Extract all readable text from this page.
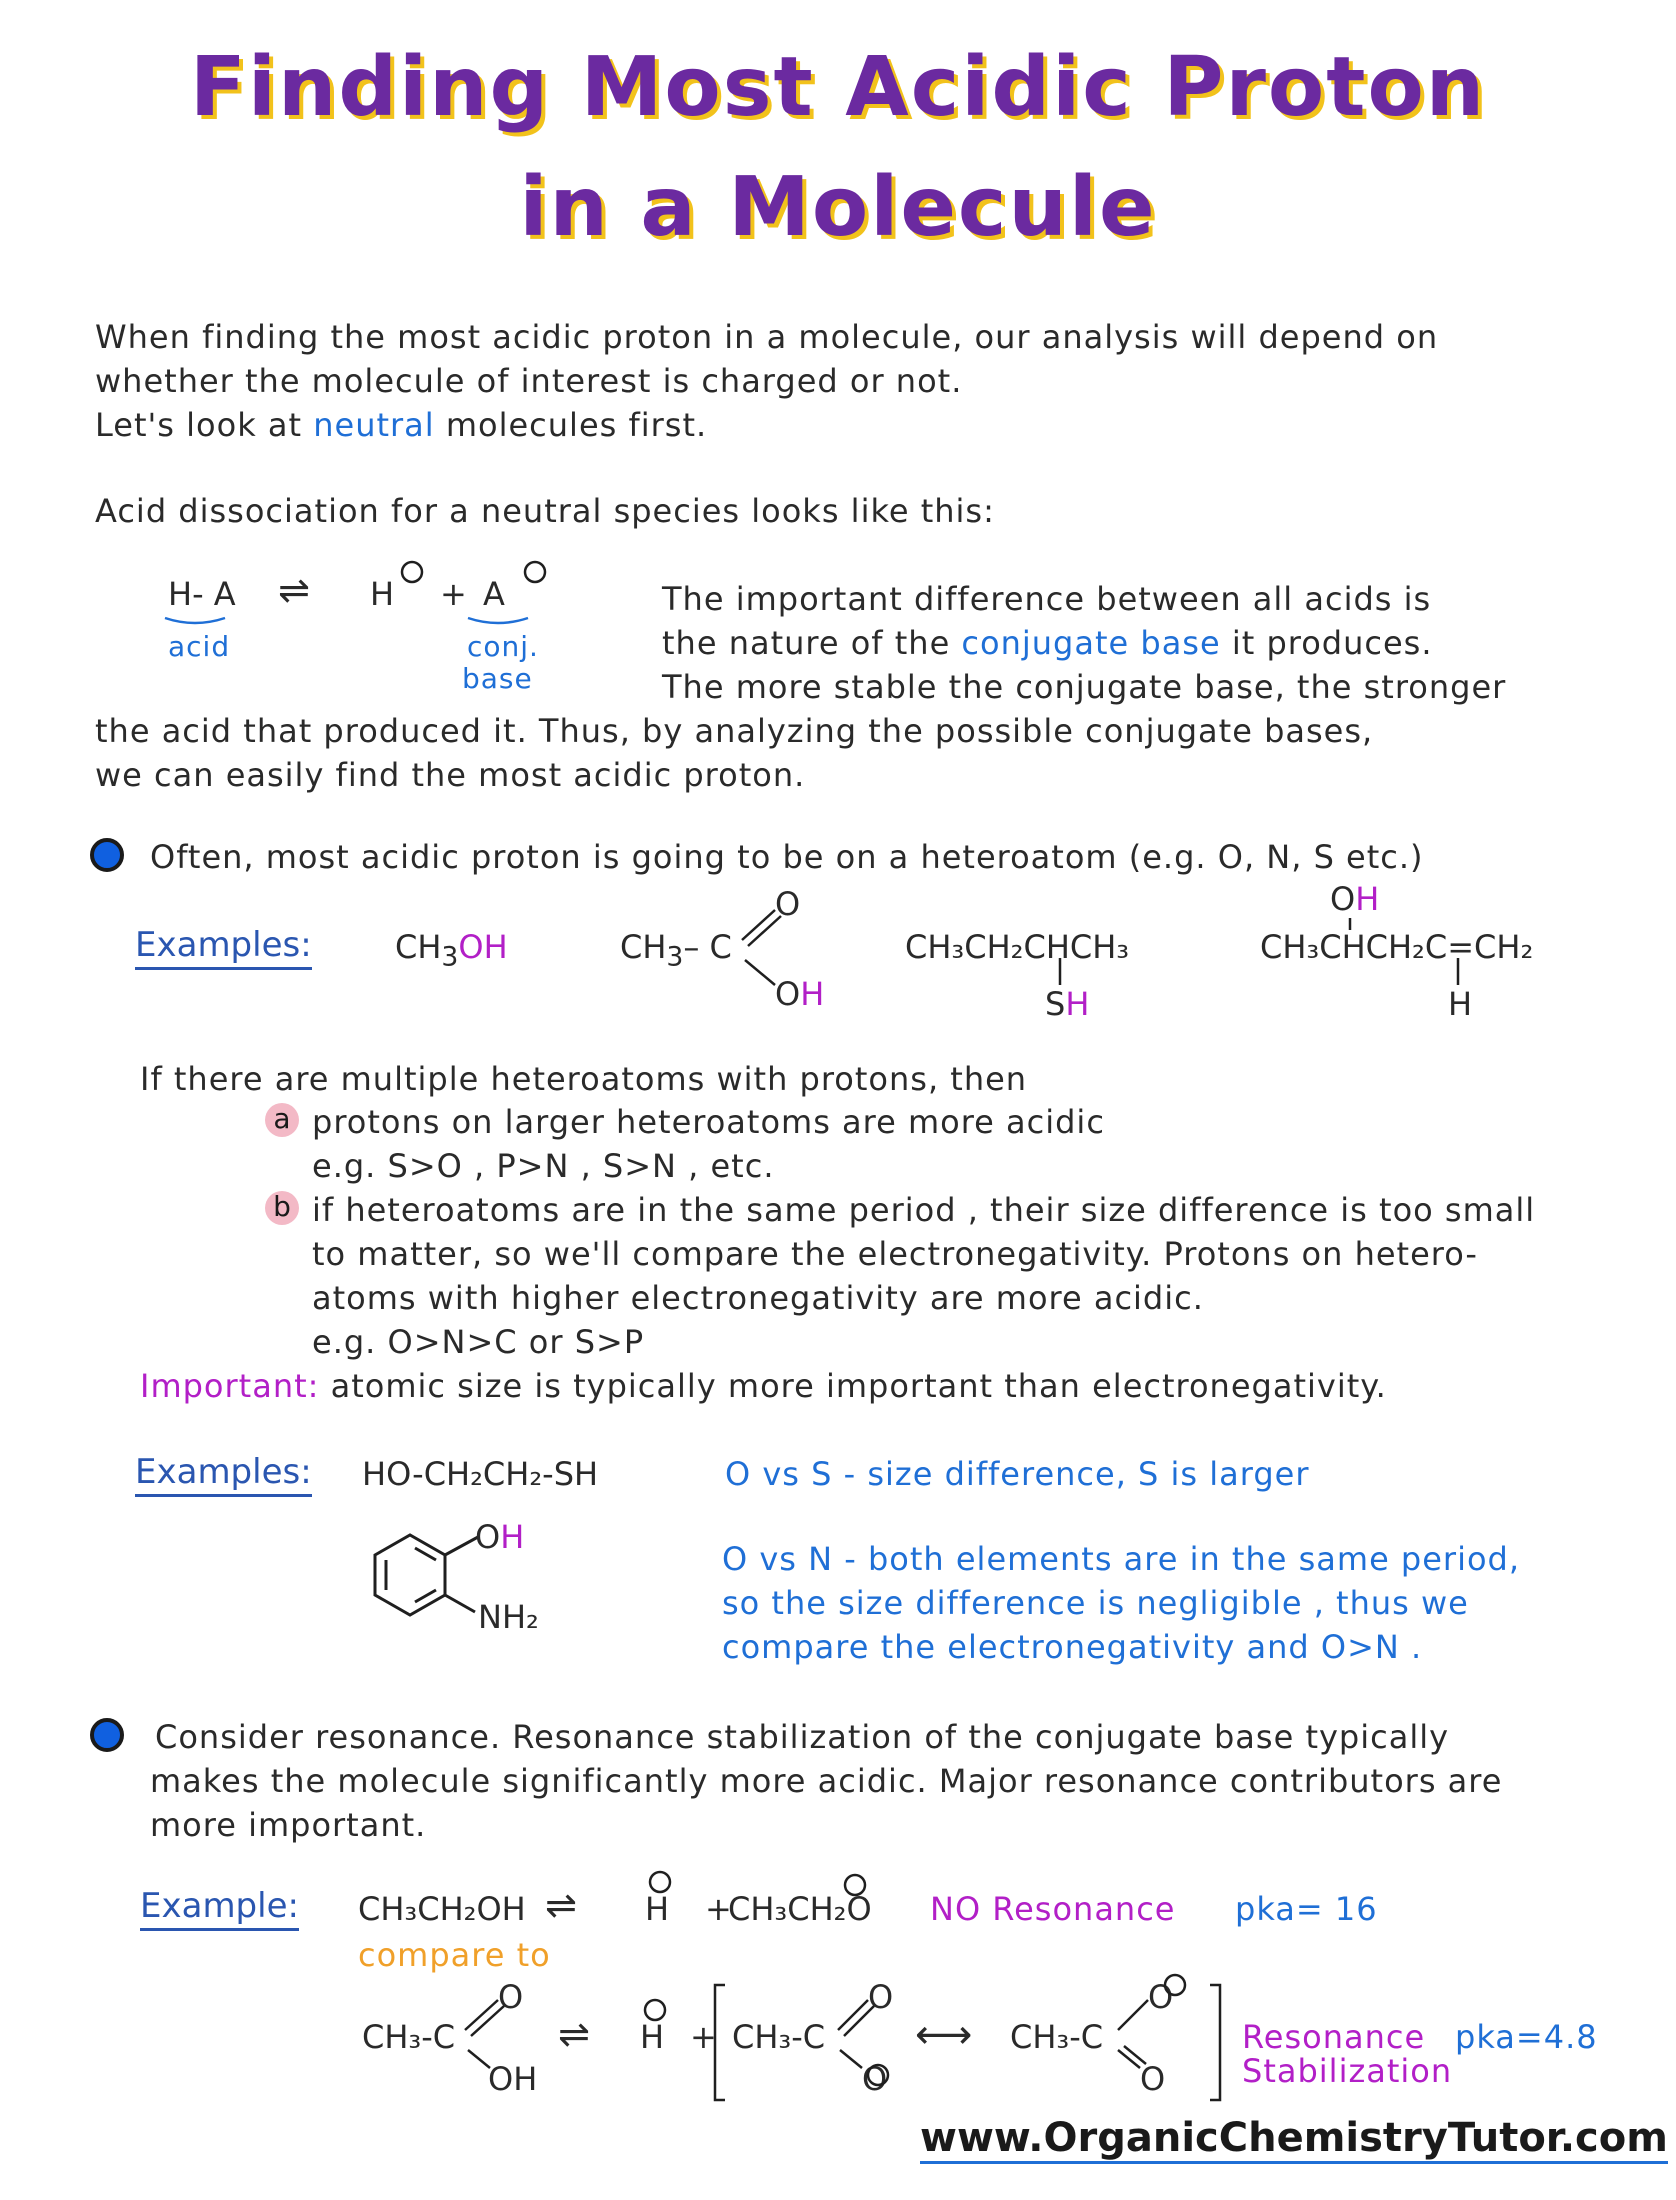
Finding Most Acidic Proton
in a Molecule
When finding the most acidic proton in a molecule, our analysis will depend on
whether the molecule of interest is charged or not.
Let's look at neutral molecules first.
Acid dissociation for a neutral species looks like this:
H- A ⇌ H + A
acid	conj.
base
The important difference between all acids is
the nature of the conjugate base it produces.
The more stable the conjugate base, the stronger
the acid that produced it. Thus, by analyzing the possible conjugate bases,
we can easily find the most acidic proton.
Often, most acidic proton is going to be on a heteroatom (e.g. O, N, S etc.)
Examples:	$CH_3OH$	$CH_3-$ C
O
OH
CH₃CH₂CHCH₃
SH
OH
CH₃CHCH₂C=CH₂
H
If there are multiple heteroatoms with protons, then
a protons on larger heteroatoms are more acidic
e.g. S>O , P>N , S>N , etc.
b if heteroatoms are in the same period , their size difference is too small
to matter, so we'll compare the electronegativity. Protons on hetero-
atoms with higher electronegativity are more acidic.
e.g. O>N>C or S>P
Important: atomic size is typically more important than electronegativity.
Examples: HO-CH₂CH₂-SH	O vs S - size difference, S is larger
OH
NH₂
O vs N - both elements are in the same period,
so the size difference is negligible , thus we
compare the electronegativity and O>N .
Consider resonance. Resonance stabilization of the conjugate base typically
makes the molecule significantly more acidic. Major resonance contributors are
more important.
Example: CH₃CH₂OH ⇌ H +
CH₃CH₂O NO Resonance pka= 16
compare to
CH₃-C
O
OH
⇌ H + CH₃-C
O
O
⟷ CH₃-C
O
O
Resonance
Stabilization
pka=4.8
www.OrganicChemistryTutor.com
